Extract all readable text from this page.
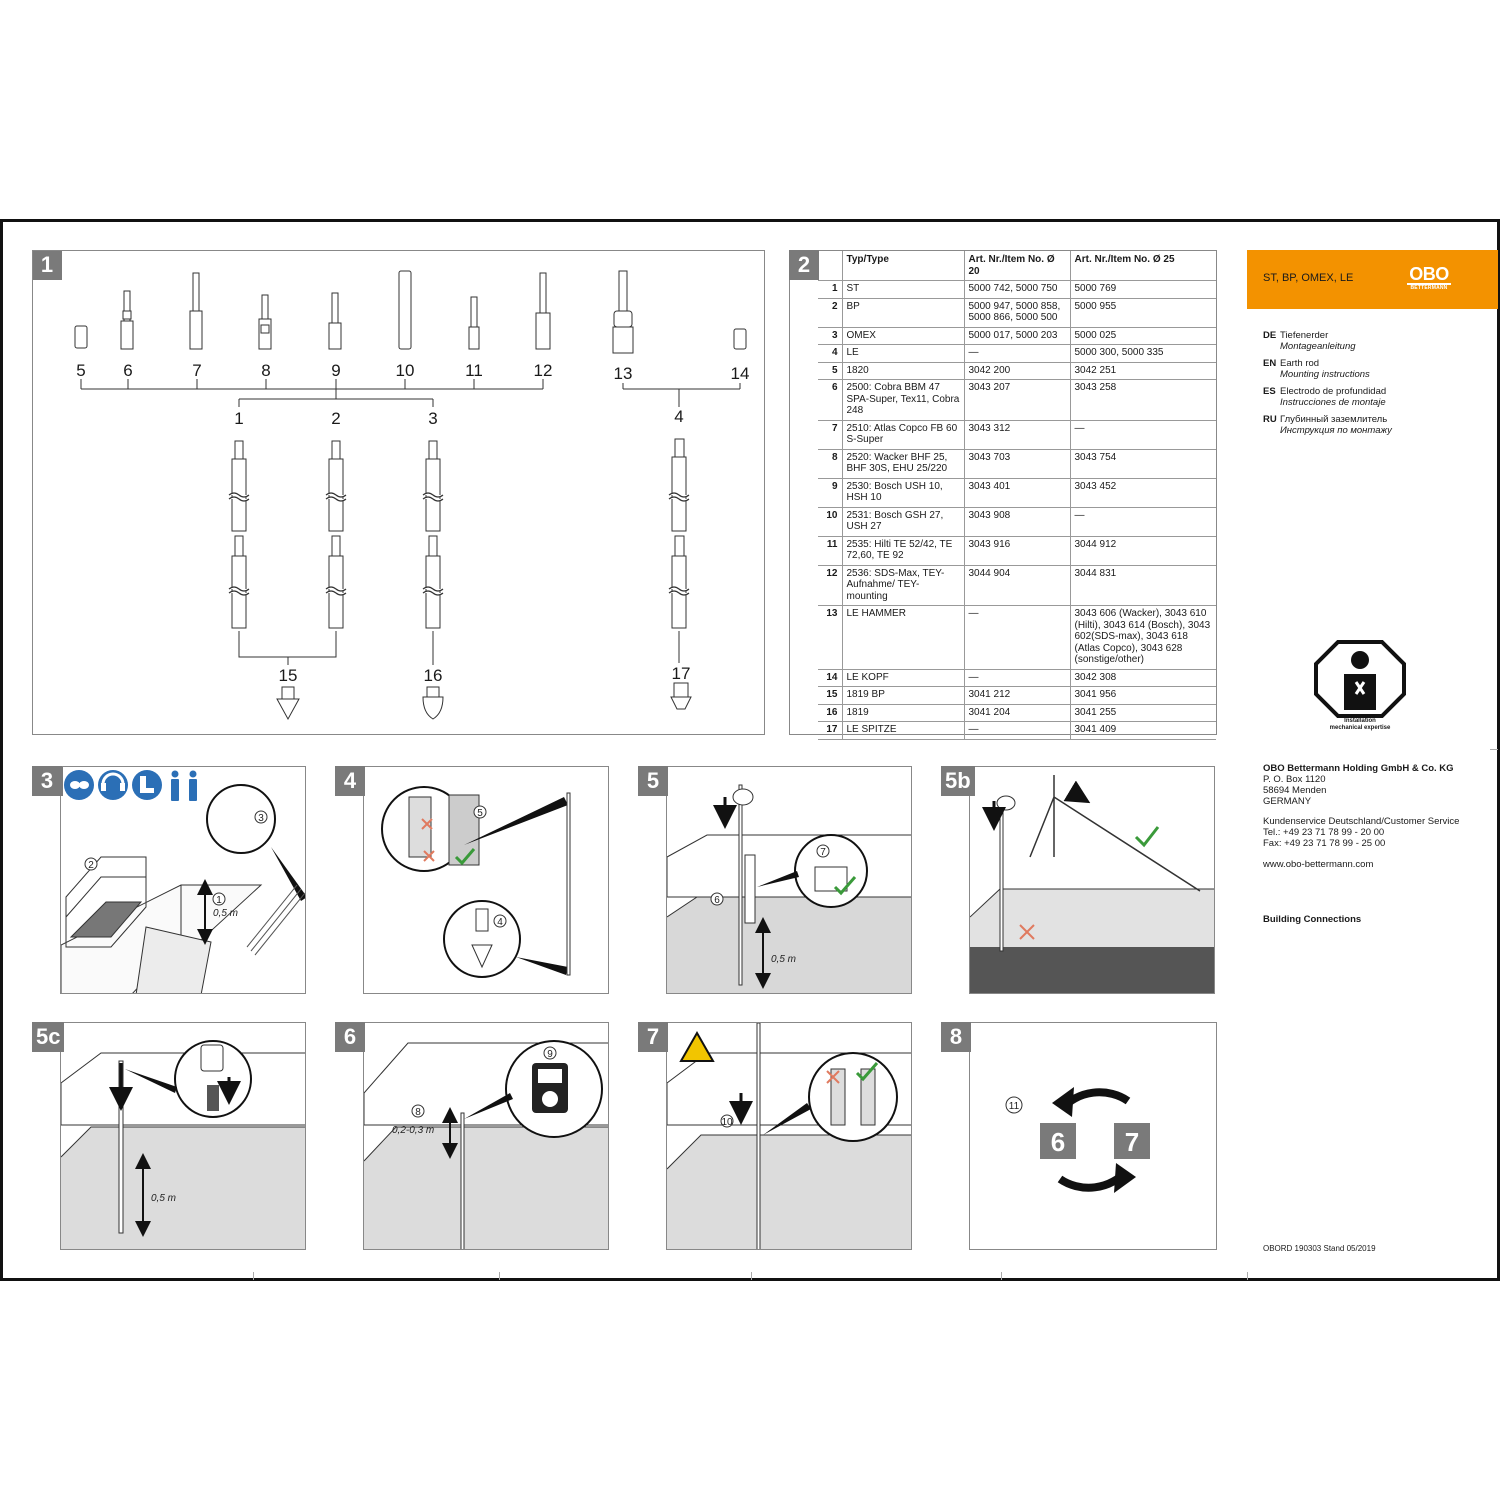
1
5 6	7	8	9	10	11	12	13	14
1	2	3	4
15	16	17
2
		Typ/Type	Art. Nr./Item No. Ø 20	Art. Nr./Item No. Ø 25
1	ST	5000 742, 5000 750	5000 769
2	BP	5000 947, 5000 858, 5000 866, 5000 500	5000 955
3	OMEX	5000 017, 5000 203	5000 025
4	LE	—	5000 300, 5000 335
5	1820	3042 200	3042 251
6	2500: Cobra BBM 47 SPA-Super, Tex11, Cobra 248	3043 207	3043 258
7	2510: Atlas Copco FB 60 S-Super	3043 312	—
8	2520: Wacker BHF 25, BHF 30S, EHU 25/220	3043 703	3043 754
9	2530: Bosch USH 10, HSH 10	3043 401	3043 452
10	2531: Bosch GSH 27, USH 27	3043 908	—
11	2535: Hilti TE 52/42, TE 72,60, TE 92	3043 916	3044 912
12	2536: SDS-Max, TEY-Aufnahme/ TEY-mounting	3044 904	3044 831
13	LE HAMMER	—	3043 606 (Wacker), 3043 610 (Hilti), 3043 614 (Bosch), 3043 602(SDS-max), 3043 618 (Atlas Copco), 3043 628 (sonstige/other)
14	LE KOPF	—	3042 308
15	1819 BP	3041 212	3041 956
16	1819	3041 204	3041 255
17	LE SPITZE	—	3041 409
2
1
0,5 m
3
3
5
4
4
6
0,5 m
7
5	5b
0,5 m
5c
8
0,2-0,3 m
9
6
10
7
11
6 7
8
ST, BP, OMEX, LE	OBO
BETTERMANN
DE Tiefenerder
Montageanleitung
EN Earth rod
Mounting instructions
ES Electrodo de profundidad
Instrucciones de montaje
RU Глубинный заземлитель
Инструкция по монтажу
Installation
mechanical expertise
OBO Bettermann Holding GmbH & Co. KG
P. O. Box 1120
58694 Menden
GERMANY
Kundenservice Deutschland/Customer Service
Tel.: +49 23 71 78 99 - 20 00
Fax: +49 23 71 78 99 - 25 00
www.obo-bettermann.com
Building Connections
OBORD 190303 Stand 05/2019
